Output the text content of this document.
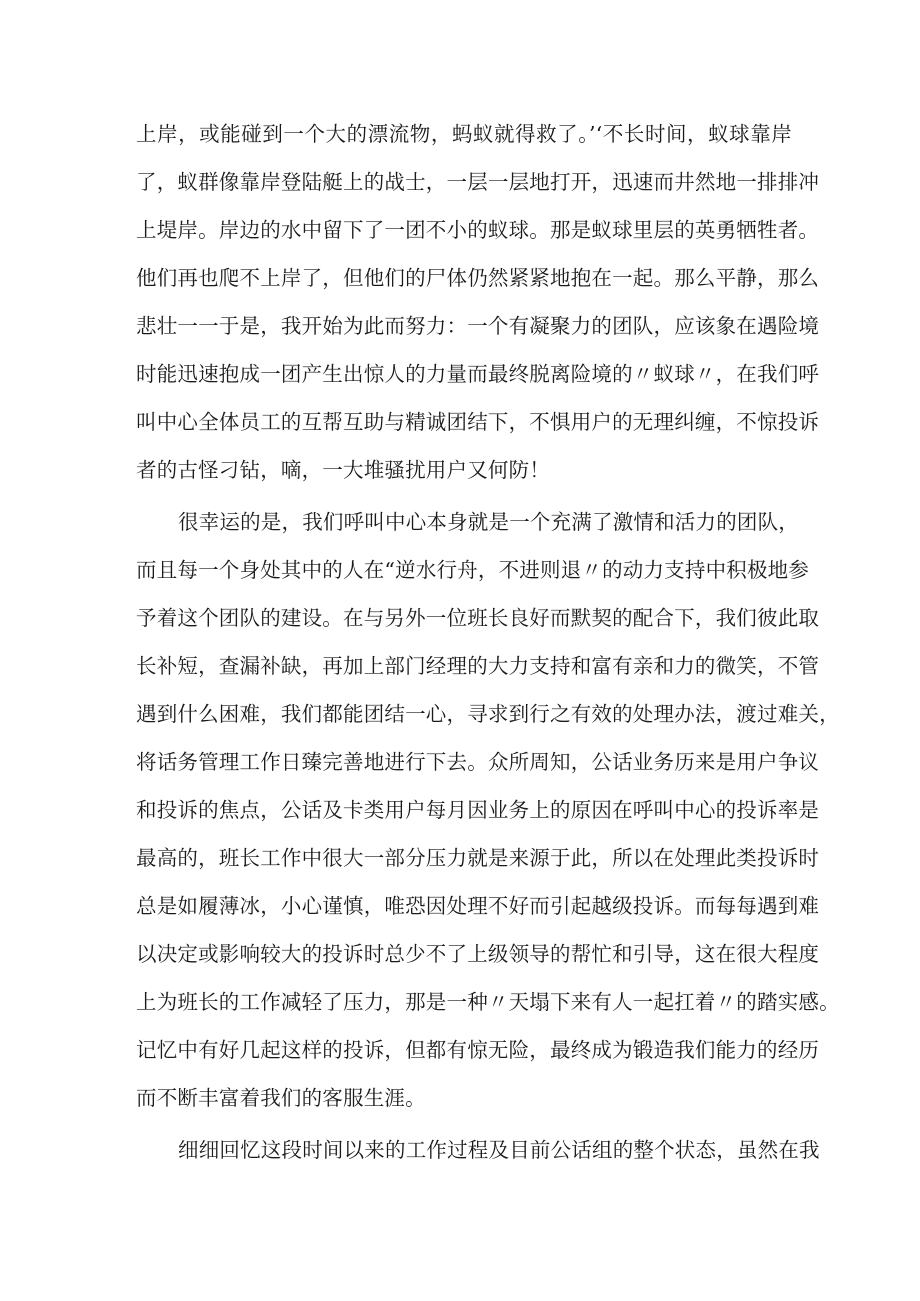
上岸，或能碰到一个大的漂流物，蚂蚁就得救了。’‘不长时间，蚁球靠岸
了，蚁群像靠岸登陆艇上的战士，一层一层地打开，迅速而井然地一排排冲
上堤岸。岸边的水中留下了一团不小的蚁球。那是蚁球里层的英勇牺牲者。
他们再也爬不上岸了，但他们的尸体仍然紧紧地抱在一起。那么平静，那么
悲壮一一于是，我开始为此而努力：一个有凝聚力的团队，应该象在遇险境
时能迅速抱成一团产生出惊人的力量而最终脱离险境的〃蚁球〃，在我们呼
叫中心全体员工的互帮互助与精诚团结下，不惧用户的无理纠缠，不惊投诉
者的古怪刁钻，嘀，一大堆骚扰用户又何防！
很幸运的是，我们呼叫中心本身就是一个充满了激情和活力的团队，
而且每一个身处其中的人在“逆水行舟，不进则退〃的动力支持中积极地参
予着这个团队的建设。在与另外一位班长良好而默契的配合下，我们彼此取
长补短，查漏补缺，再加上部门经理的大力支持和富有亲和力的微笑，不管
遇到什么困难，我们都能团结一心，寻求到行之有效的处理办法，渡过难关，
将话务管理工作日臻完善地进行下去。众所周知，公话业务历来是用户争议
和投诉的焦点，公话及卡类用户每月因业务上的原因在呼叫中心的投诉率是
最高的，班长工作中很大一部分压力就是来源于此，所以在处理此类投诉时
总是如履薄冰，小心谨慎，唯恐因处理不好而引起越级投诉。而每每遇到难
以决定或影响较大的投诉时总少不了上级领导的帮忙和引导，这在很大程度
上为班长的工作减轻了压力，那是一种〃天塌下来有人一起扛着〃的踏实感。
记忆中有好几起这样的投诉，但都有惊无险，最终成为锻造我们能力的经历
而不断丰富着我们的客服生涯。
细细回忆这段时间以来的工作过程及目前公话组的整个状态，虽然在我
